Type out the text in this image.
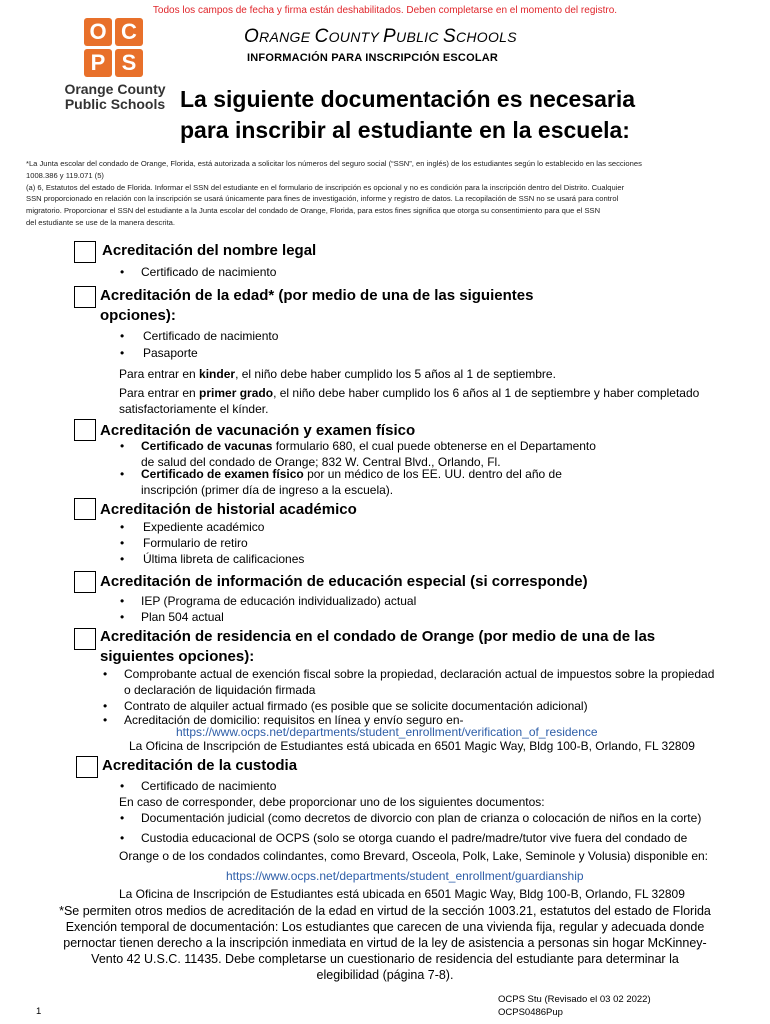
Todos los campos de fecha y firma están deshabilitados. Deben completarse en el momento del registro.
O C
P S
Orange County Public Schools
ORANGE COUNTY PUBLIC SCHOOLS
INFORMACIÓN PARA INSCRIPCIÓN ESCOLAR
La siguiente documentación es necesaria
para inscribir al estudiante en la escuela:
*La Junta escolar del condado de Orange, Florida, está autorizada a solicitar los números del seguro social (“SSN”, en inglés) de los estudiantes según lo establecido en las secciones
1008.386 y 119.071 (5)
(a) 6, Estatutos del estado de Florida. Informar el SSN del estudiante en el formulario de inscripción es opcional y no es condición para la inscripción dentro del Distrito. Cualquier
SSN proporcionado en relación con la inscripción se usará únicamente para fines de investigación, informe y registro de datos. La recopilación de SSN no se usará para control
migratorio. Proporcionar el SSN del estudiante a la Junta escolar del condado de Orange, Florida, para estos fines significa que otorga su consentimiento para que el SSN
del estudiante se use de la manera descrita.
Acreditación del nombre legal
• Certificado de nacimiento
Acreditación de la edad* (por medio de una de las siguientes
opciones):
• Certificado de nacimiento
• Pasaporte
Para entrar en kinder, el niño debe haber cumplido los 5 años al 1 de septiembre.
Para entrar en primer grado, el niño debe haber cumplido los 6 años al 1 de septiembre y haber completado
satisfactoriamente el kínder.
Acreditación de vacunación y examen físico
• Certificado de vacunas formulario 680, el cual puede obtenerse en el Departamento
de salud del condado de Orange; 832 W. Central Blvd., Orlando, Fl.
• Certificado de examen físico por un médico de los EE. UU. dentro del año de
inscripción (primer día de ingreso a la escuela).
Acreditación de historial académico
• Expediente académico
• Formulario de retiro
• Última libreta de calificaciones
Acreditación de información de educación especial (si corresponde)
• IEP (Programa de educación individualizado) actual
• Plan 504 actual
Acreditación de residencia en el condado de Orange (por medio de una de las
siguientes opciones):
• Comprobante actual de exención fiscal sobre la propiedad, declaración actual de impuestos sobre la propiedad
o declaración de liquidación firmada
• Contrato de alquiler actual firmado (es posible que se solicite documentación adicional)
• Acreditación de domicilio: requisitos en línea y envío seguro en-
https://www.ocps.net/departments/student_enrollment/verification_of_residence
La Oficina de Inscripción de Estudiantes está ubicada en 6501 Magic Way, Bldg 100-B, Orlando, FL 32809
Acreditación de la custodia
• Certificado de nacimiento
En caso de corresponder, debe proporcionar uno de los siguientes documentos:
• Documentación judicial (como decretos de divorcio con plan de crianza o colocación de niños en la corte)
• Custodia educacional de OCPS (solo se otorga cuando el padre/madre/tutor vive fuera del condado de
Orange o de los condados colindantes, como Brevard, Osceola, Polk, Lake, Seminole y Volusia) disponible en:
https://www.ocps.net/departments/student_enrollment/guardianship
La Oficina de Inscripción de Estudiantes está ubicada en 6501 Magic Way, Bldg 100-B, Orlando, FL 32809
*Se permiten otros medios de acreditación de la edad en virtud de la sección 1003.21, estatutos del estado de Florida
Exención temporal de documentación: Los estudiantes que carecen de una vivienda fija, regular y adecuada donde
pernoctar tienen derecho a la inscripción inmediata en virtud de la ley de asistencia a personas sin hogar McKinney-
Vento 42 U.S.C. 11435. Debe completarse un cuestionario de residencia del estudiante para determinar la
elegibilidad (página 7-8).
1
OCPS Stu (Revisado el 03 02 2022)
OCPS0486Pup
